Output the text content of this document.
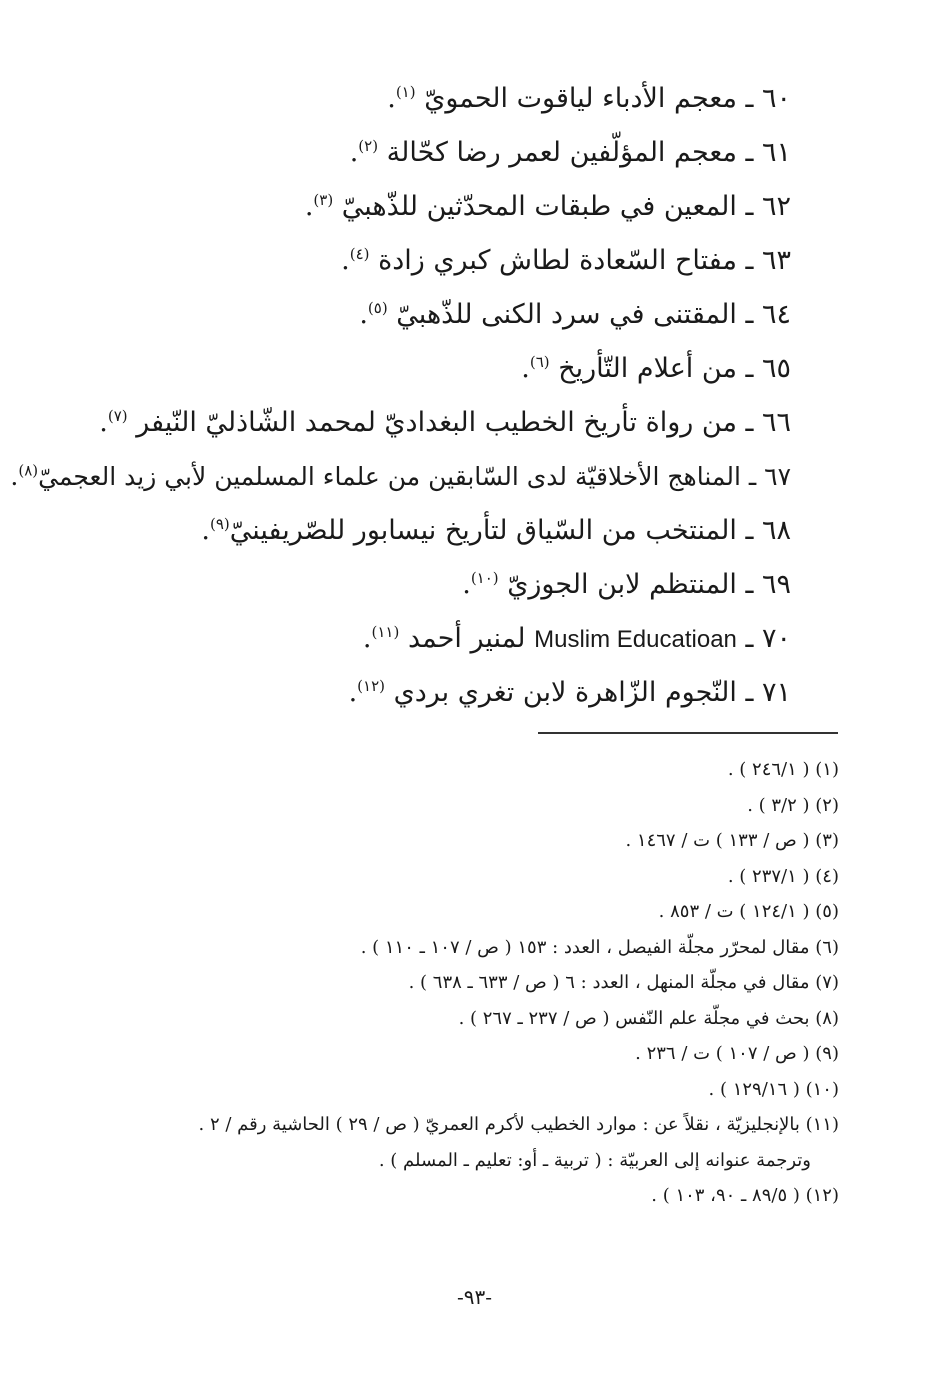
٦٠ ـ معجم الأدباء لياقوت الحمويّ $^{(١)}$.
٦١ ـ معجم المؤلّفين لعمر رضا كحّالة $^{(٢)}$.
٦٢ ـ المعين في طبقات المحدّثين للذّهبيّ $^{(٣)}$.
٦٣ ـ مفتاح السّعادة لطاش كبري زادة $^{(٤)}$.
٦٤ ـ المقتنى في سرد الكنى للذّهبيّ $^{(٥)}$.
٦٥ ـ من أعلام التّأريخ $^{(٦)}$.
٦٦ ـ من رواة تأريخ الخطيب البغداديّ لمحمد الشّاذليّ النّيفر $^{(٧)}$.
٦٧ ـ المناهج الأخلاقيّة لدى السّابقين من علماء المسلمين لأبي زيد العجميّ$^{(٨)}$.
٦٨ ـ المنتخب من السّياق لتأريخ نيسابور للصّريفينيّ$^{(٩)}$.
٦٩ ـ المنتظم لابن الجوزيّ $^{(١٠)}$.
٧٠ ـ Muslim Educatioan لمنير أحمد $^{(١١)}$.
٧١ ـ النّجوم الزّاهرة لابن تغري بردي $^{(١٢)}$.
(١) ( ٢٤٦/١ ) .
(٢) ( ٣/٢ ) .
(٣) ( ص / ١٣٣ ) ت / ١٤٦٧ .
(٤) ( ٢٣٧/١ ) .
(٥) ( ١٢٤/١ ) ت / ٨٥٣ .
(٦) مقال لمحرّر مجلّة الفيصل ، العدد : ١٥٣ ( ص / ١٠٧ ـ ١١٠ ) .
(٧) مقال في مجلّة المنهل ، العدد : ٦ ( ص / ٦٣٣ ـ ٦٣٨ ) .
(٨) بحث في مجلّة علم النّفس ( ص / ٢٣٧ ـ ٢٦٧ ) .
(٩) ( ص / ١٠٧ ) ت / ٢٣٦ .
(١٠) ( ١٢٩/١٦ ) .
(١١) بالإنجليزيّة ، نقلاً عن : موارد الخطيب لأكرم العمريّ ( ص / ٢٩ ) الحاشية رقم / ٢ .
وترجمة عنوانه إلى العربيّة : ( تربية ـ أو: تعليم ـ المسلم ) .
(١٢) ( ٨٩/٥ ـ ٩٠، ١٠٣ ) .
-٩٣-
